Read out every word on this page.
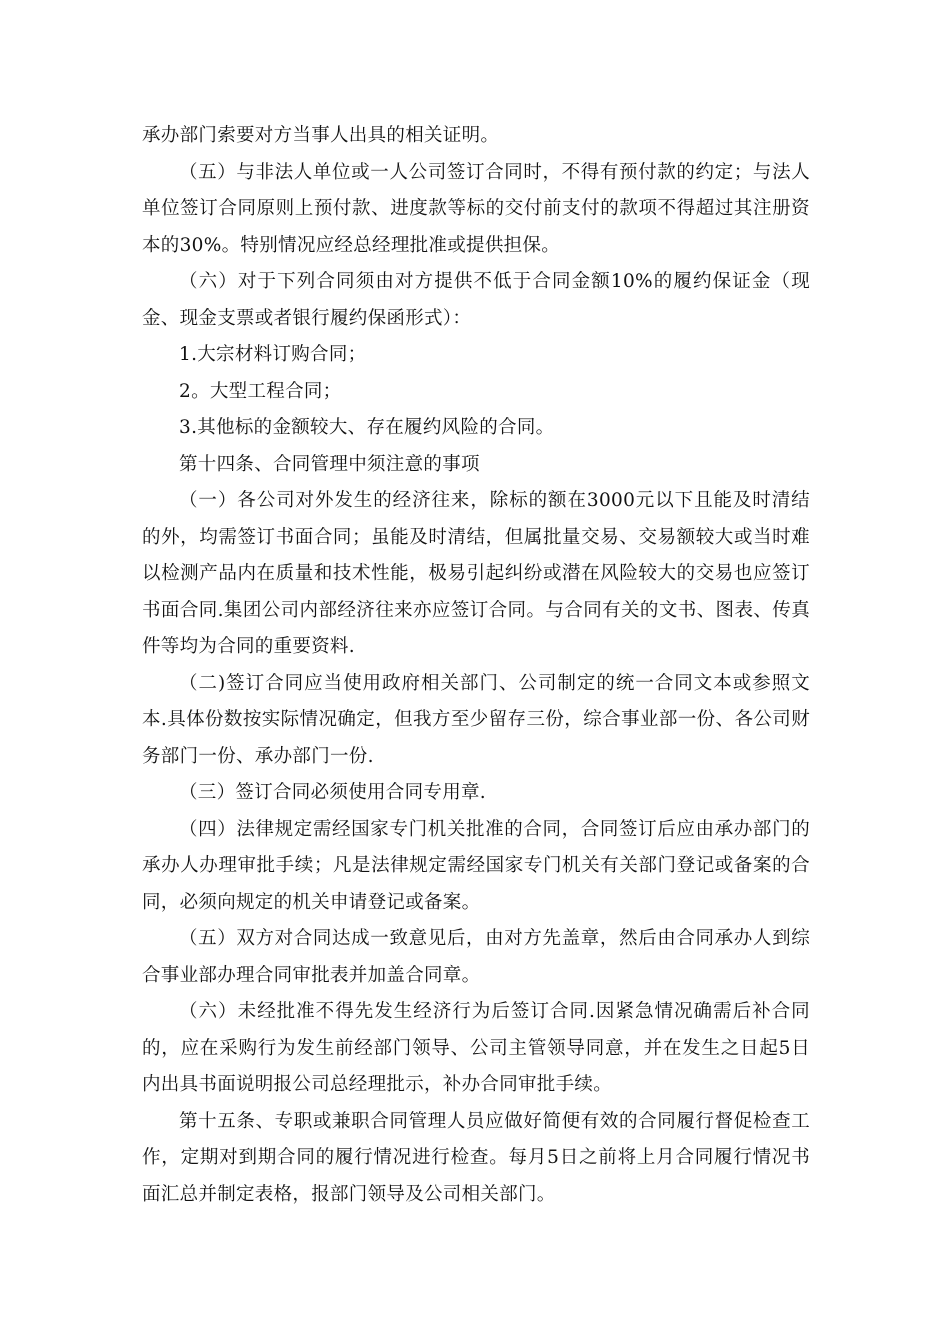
承办部门索要对方当事人出具的相关证明。

（五）与非法人单位或一人公司签订合同时，不得有预付款的约定；与法人单位签订合同原则上预付款、进度款等标的交付前支付的款项不得超过其注册资本的30%。特别情况应经总经理批准或提供担保。

（六）对于下列合同须由对方提供不低于合同金额10%的履约保证金（现金、现金支票或者银行履约保函形式）：

1.大宗材料订购合同；

2。大型工程合同；

3.其他标的金额较大、存在履约风险的合同。

第十四条、合同管理中须注意的事项

（一）各公司对外发生的经济往来，除标的额在3000元以下且能及时清结的外，均需签订书面合同；虽能及时清结，但属批量交易、交易额较大或当时难以检测产品内在质量和技术性能，极易引起纠纷或潜在风险较大的交易也应签订书面合同.集团公司内部经济往来亦应签订合同。与合同有关的文书、图表、传真件等均为合同的重要资料.

（二)签订合同应当使用政府相关部门、公司制定的统一合同文本或参照文本.具体份数按实际情况确定，但我方至少留存三份，综合事业部一份、各公司财务部门一份、承办部门一份.

（三）签订合同必须使用合同专用章.

（四）法律规定需经国家专门机关批准的合同，合同签订后应由承办部门的承办人办理审批手续；凡是法律规定需经国家专门机关有关部门登记或备案的合同，必须向规定的机关申请登记或备案。

（五）双方对合同达成一致意见后，由对方先盖章，然后由合同承办人到综合事业部办理合同审批表并加盖合同章。

（六）未经批准不得先发生经济行为后签订合同.因紧急情况确需后补合同的，应在采购行为发生前经部门领导、公司主管领导同意，并在发生之日起5日内出具书面说明报公司总经理批示，补办合同审批手续。

第十五条、专职或兼职合同管理人员应做好简便有效的合同履行督促检查工作，定期对到期合同的履行情况进行检查。每月5日之前将上月合同履行情况书面汇总并制定表格，报部门领导及公司相关部门。
